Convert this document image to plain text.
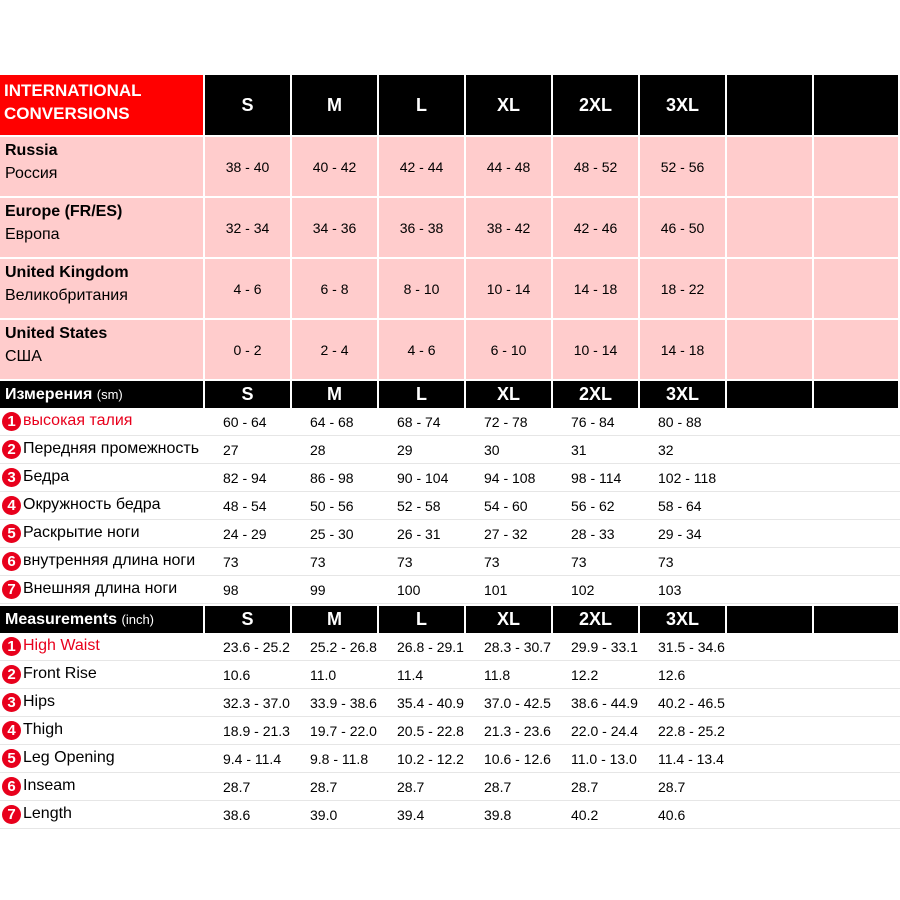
INTERNATIONAL CONVERSIONS	S	M	L	XL	2XL	3XL		

Russia
Россия	38 - 40	40 - 42	42 - 44	44 - 48	48 - 52	52 - 56		

Europe (FR/ES)
Европа	32 - 34	34 - 36	36 - 38	38 - 42	42 - 46	46 - 50		

United Kingdom
Великобритания	4 - 6	6 - 8	8 - 10	10 - 14	14 - 18	18 - 22		

United States
США	0 - 2	2 - 4	4 - 6	6 - 10	10 - 14	14 - 18		
Измерения (sm)	S	M	L	XL	2XL	3XL		
1 высокая талия	60 - 64	64 - 68	68 - 74	72 - 78	76 - 84	80 - 88		
2 Передняя промежность	27	28	29	30	31	32		
3 Бедра	82 - 94	86 - 98	90 - 104	94 - 108	98 - 114	102 - 118		
4 Окружность бедра	48 - 54	50 - 56	52 - 58	54 - 60	56 - 62	58 - 64		
5 Раскрытие ноги	24 - 29	25 - 30	26 - 31	27 - 32	28 - 33	29 - 34		
6 внутренняя длина ноги	73	73	73	73	73	73		
7 Внешняя длина ноги	98	99	100	101	102	103		
Measurements (inch)	S	M	L	XL	2XL	3XL		
1 High Waist	23.6 - 25.2	25.2 - 26.8	26.8 - 29.1	28.3 - 30.7	29.9 - 33.1	31.5 - 34.6		
2 Front Rise	10.6	11.0	11.4	11.8	12.2	12.6		
3 Hips	32.3 - 37.0	33.9 - 38.6	35.4 - 40.9	37.0 - 42.5	38.6 - 44.9	40.2 - 46.5		
4 Thigh	18.9 - 21.3	19.7 - 22.0	20.5 - 22.8	21.3 - 23.6	22.0 - 24.4	22.8 - 25.2		
5 Leg Opening	9.4 - 11.4	9.8 - 11.8	10.2 - 12.2	10.6 - 12.6	11.0 - 13.0	11.4 - 13.4		
6 Inseam	28.7	28.7	28.7	28.7	28.7	28.7		
7 Length	38.6	39.0	39.4	39.8	40.2	40.6		
